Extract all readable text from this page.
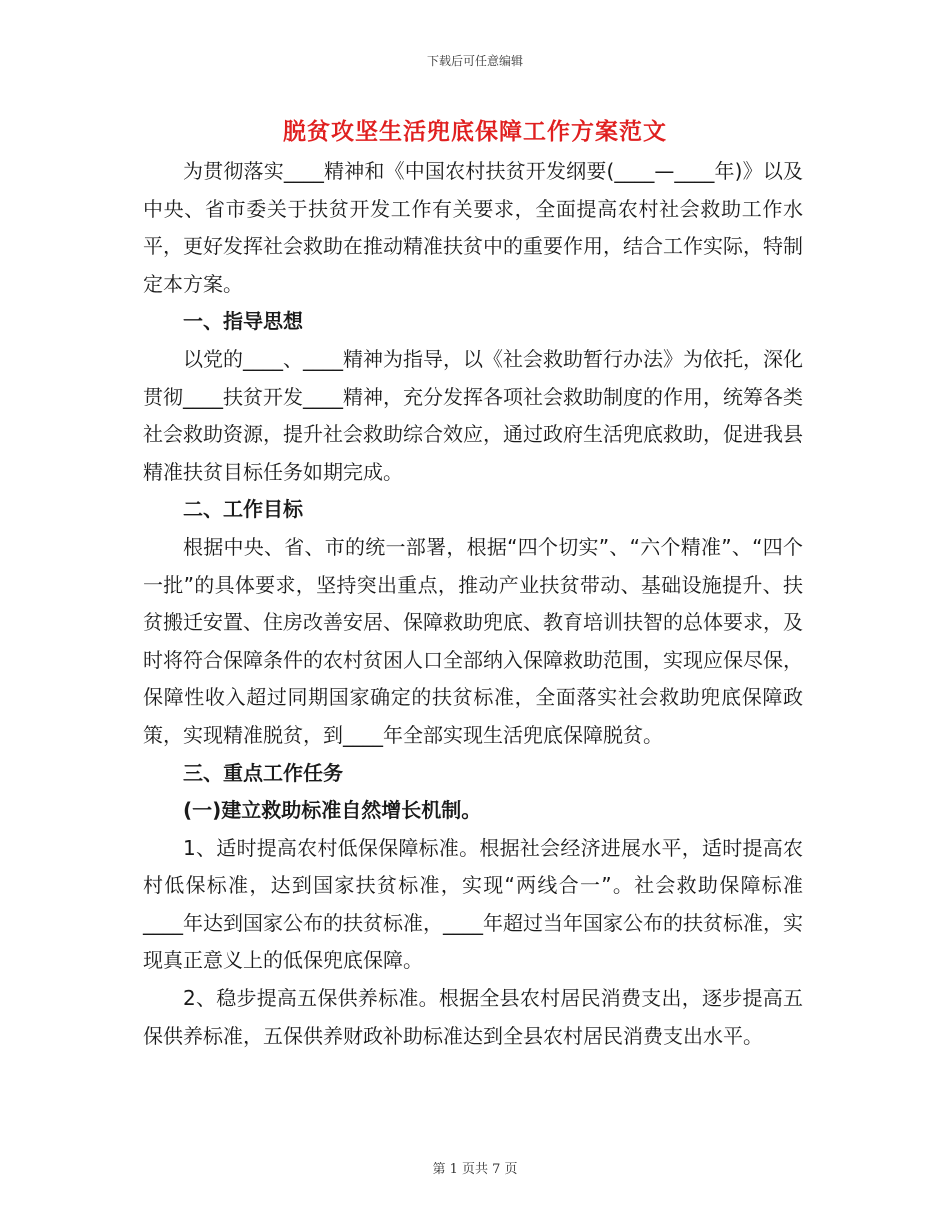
下载后可任意编辑
脱贫攻坚生活兜底保障工作方案范文

为贯彻落实____精神和《中国农村扶贫开发纲要(____—____年)》以及中央、省市委关于扶贫开发工作有关要求，全面提高农村社会救助工作水平，更好发挥社会救助在推动精准扶贫中的重要作用，结合工作实际，特制定本方案。

一、指导思想

以党的____、____精神为指导，以《社会救助暂行办法》为依托，深化贯彻____扶贫开发____精神，充分发挥各项社会救助制度的作用，统筹各类社会救助资源，提升社会救助综合效应，通过政府生活兜底救助，促进我县精准扶贫目标任务如期完成。

二、工作目标

根据中央、省、市的统一部署，根据“四个切实”、“六个精准”、“四个一批”的具体要求，坚持突出重点，推动产业扶贫带动、基础设施提升、扶贫搬迁安置、住房改善安居、保障救助兜底、教育培训扶智的总体要求，及时将符合保障条件的农村贫困人口全部纳入保障救助范围，实现应保尽保，保障性收入超过同期国家确定的扶贫标准，全面落实社会救助兜底保障政策，实现精准脱贫，到____年全部实现生活兜底保障脱贫。

三、重点工作任务

(一)建立救助标准自然增长机制。

1、适时提高农村低保保障标准。根据社会经济进展水平，适时提高农村低保标准，达到国家扶贫标准，实现“两线合一”。社会救助保障标准____年达到国家公布的扶贫标准，____年超过当年国家公布的扶贫标准，实现真正意义上的低保兜底保障。

2、稳步提高五保供养标准。根据全县农村居民消费支出，逐步提高五保供养标准，五保供养财政补助标准达到全县农村居民消费支出水平。

第 1 页共 7 页
